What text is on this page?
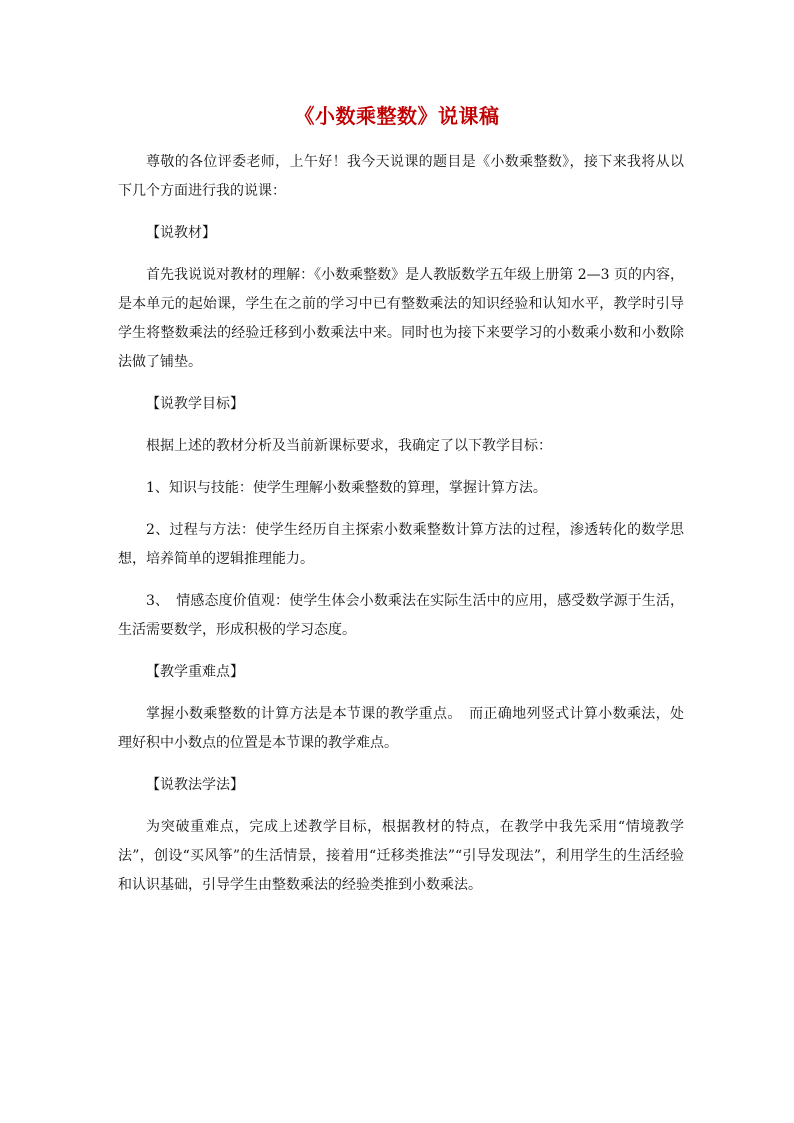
《小数乘整数》说课稿

尊敬的各位评委老师，上午好！我今天说课的题目是《小数乘整数》，接下来我将从以下几个方面进行我的说课：

【说教材】

首先我说说对教材的理解：《小数乘整数》是人教版数学五年级上册第 2—3 页的内容，是本单元的起始课，学生在之前的学习中已有整数乘法的知识经验和认知水平，教学时引导学生将整数乘法的经验迁移到小数乘法中来。同时也为接下来要学习的小数乘小数和小数除法做了铺垫。

【说教学目标】

根据上述的教材分析及当前新课标要求，我确定了以下教学目标：

1、知识与技能：使学生理解小数乘整数的算理，掌握计算方法。

2、过程与方法：使学生经历自主探索小数乘整数计算方法的过程，渗透转化的数学思想，培养简单的逻辑推理能力。

3、　情感态度价值观：使学生体会小数乘法在实际生活中的应用，感受数学源于生活，生活需要数学，形成积极的学习态度。

【教学重难点】

掌握小数乘整数的计算方法是本节课的教学重点。　而正确地列竖式计算小数乘法，处理好积中小数点的位置是本节课的教学难点。

【说教法学法】

为突破重难点，完成上述教学目标，根据教材的特点，在教学中我先采用“情境教学法”，创设“买风筝”的生活情景，接着用“迁移类推法”“引导发现法”，利用学生的生活经验和认识基础，引导学生由整数乘法的经验类推到小数乘法。
